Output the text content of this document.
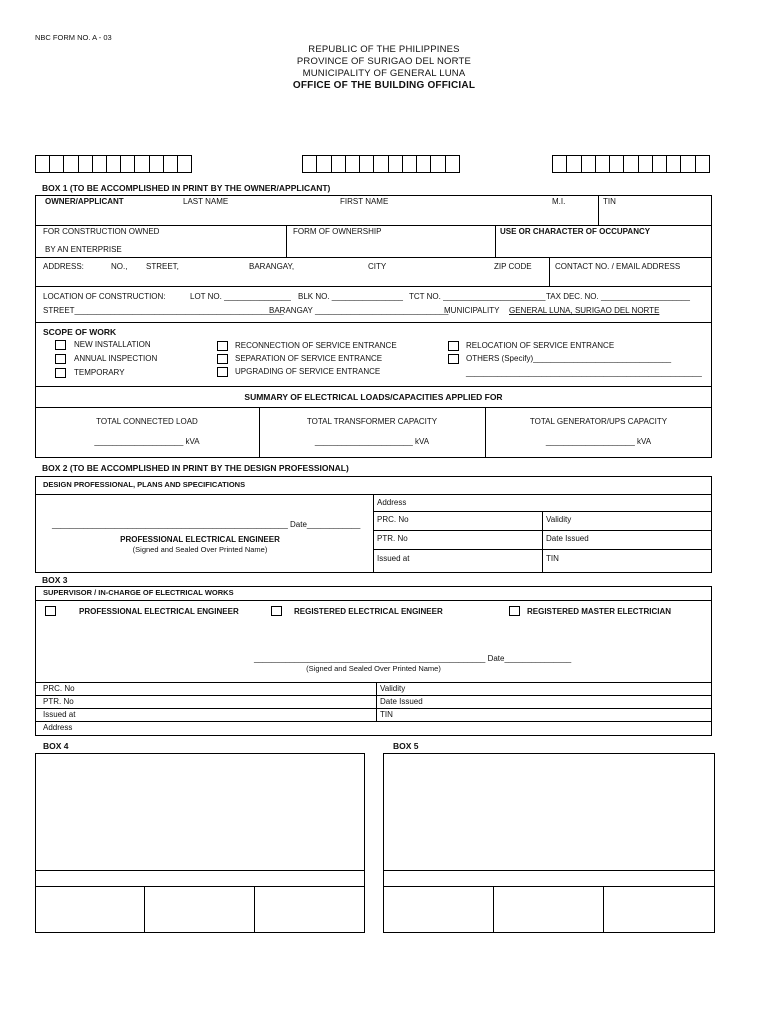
NBC FORM NO. A - 03
REPUBLIC OF THE PHILIPPINES
PROVINCE OF SURIGAO DEL NORTE
MUNICIPALITY OF GENERAL LUNA
OFFICE OF THE BUILDING OFFICIAL
BOX 1 (TO BE ACCOMPLISHED IN PRINT BY THE OWNER/APPLICANT)
OWNER/APPLICANT	LAST NAME	FIRST NAME	M.I.	TIN
FOR CONSTRUCTION OWNED
BY AN ENTERPRISE
FORM OF OWNERSHIP	USE OR CHARACTER OF OCCUPANCY
ADDRESS:	NO., STREET,	BARANGAY,	CITY	ZIP CODE	CONTACT NO. / EMAIL ADDRESS
LOCATION OF CONSTRUCTION:	LOT NO. _______________ BLK NO. ________________ TCT NO. _______________________ TAX DEC. NO. ____________________
STREET_______________________________________________
BARANGAY ______________________________
MUNICIPALITY GENERAL LUNA, SURIGAO DEL NORTE
SCOPE OF WORK
NEW INSTALLATION
ANNUAL INSPECTION
TEMPORARY
RECONNECTION OF SERVICE ENTRANCE
SEPARATION OF SERVICE ENTRANCE
UPGRADING OF SERVICE ENTRANCE
RELOCATION OF SERVICE ENTRANCE
OTHERS (Specify)_______________________________
_____________________________________________________
SUMMARY OF ELECTRICAL LOADS/CAPACITIES APPLIED FOR
TOTAL CONNECTED LOAD	TOTAL TRANSFORMER CAPACITY	TOTAL GENERATOR/UPS CAPACITY
____________________ kVA	______________________ kVA	____________________ kVA
BOX 2 (TO BE ACCOMPLISHED IN PRINT BY THE DESIGN PROFESSIONAL)
DESIGN PROFESSIONAL, PLANS AND SPECIFICATIONS
_____________________________________________________ Date____________
PROFESSIONAL ELECTRICAL ENGINEER
(Signed and Sealed Over Printed Name)
Address
PRC. No	Validity
PTR. No	Date Issued
Issued at	TIN
BOX 3
SUPERVISOR / IN-CHARGE OF ELECTRICAL WORKS
PROFESSIONAL ELECTRICAL ENGINEER	REGISTERED ELECTRICAL ENGINEER	REGISTERED MASTER ELECTRICIAN
____________________________________________________ Date_______________
(Signed and Sealed Over Printed Name)
PRC. No	Validity
PTR. No	Date Issued
Issued at	TIN
Address
BOX 4	BOX 5
